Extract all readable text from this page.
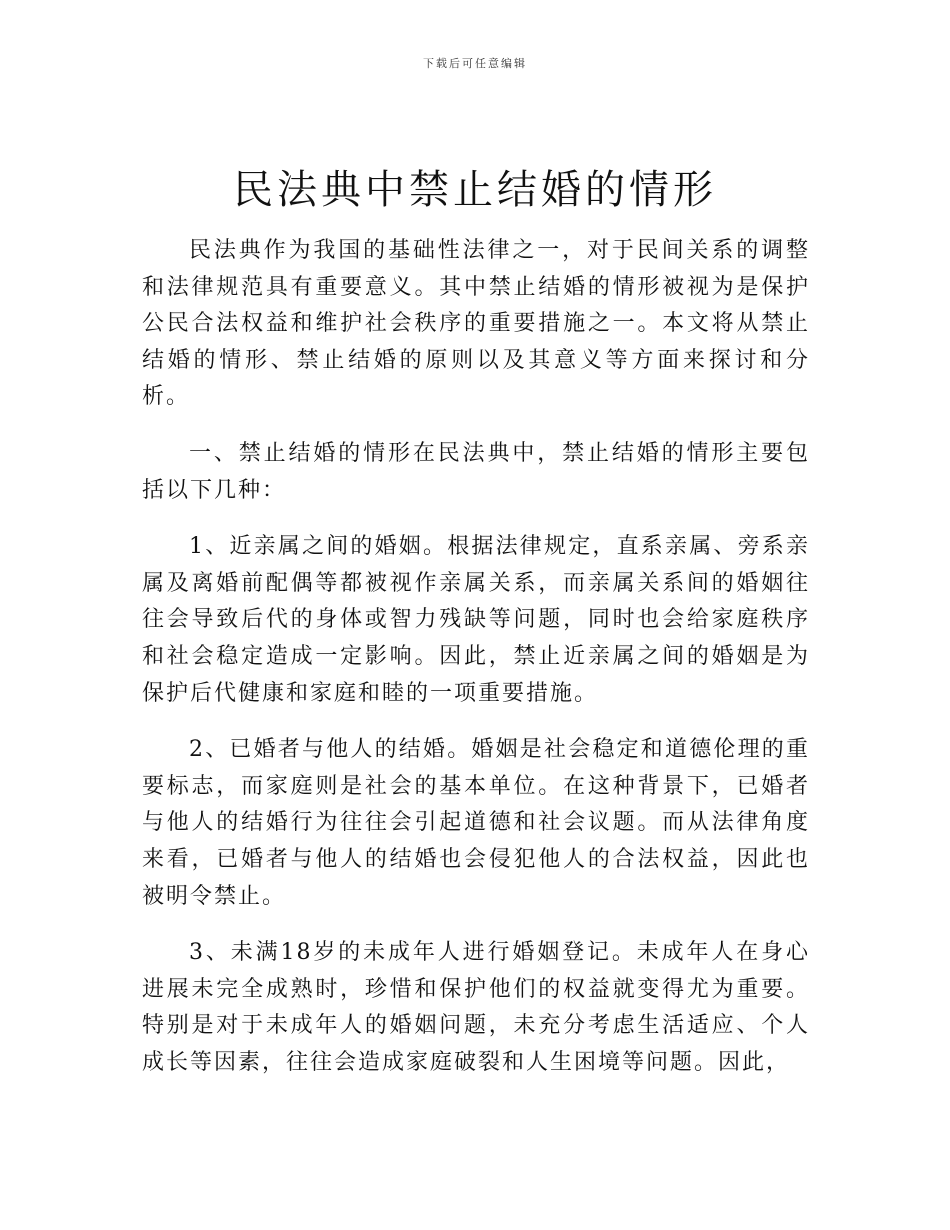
下载后可任意编辑
民法典中禁止结婚的情形

民法典作为我国的基础性法律之一，对于民间关系的调整和法律规范具有重要意义。其中禁止结婚的情形被视为是保护公民合法权益和维护社会秩序的重要措施之一。本文将从禁止结婚的情形、禁止结婚的原则以及其意义等方面来探讨和分析。

一、禁止结婚的情形在民法典中，禁止结婚的情形主要包括以下几种：

1、近亲属之间的婚姻。根据法律规定，直系亲属、旁系亲属及离婚前配偶等都被视作亲属关系，而亲属关系间的婚姻往往会导致后代的身体或智力残缺等问题，同时也会给家庭秩序和社会稳定造成一定影响。因此，禁止近亲属之间的婚姻是为保护后代健康和家庭和睦的一项重要措施。

2、已婚者与他人的结婚。婚姻是社会稳定和道德伦理的重要标志，而家庭则是社会的基本单位。在这种背景下，已婚者与他人的结婚行为往往会引起道德和社会议题。而从法律角度来看，已婚者与他人的结婚也会侵犯他人的合法权益，因此也被明令禁止。

3、未满18岁的未成年人进行婚姻登记。未成年人在身心进展未完全成熟时，珍惜和保护他们的权益就变得尤为重要。特别是对于未成年人的婚姻问题，未充分考虑生活适应、个人成长等因素，往往会造成家庭破裂和人生困境等问题。因此，
